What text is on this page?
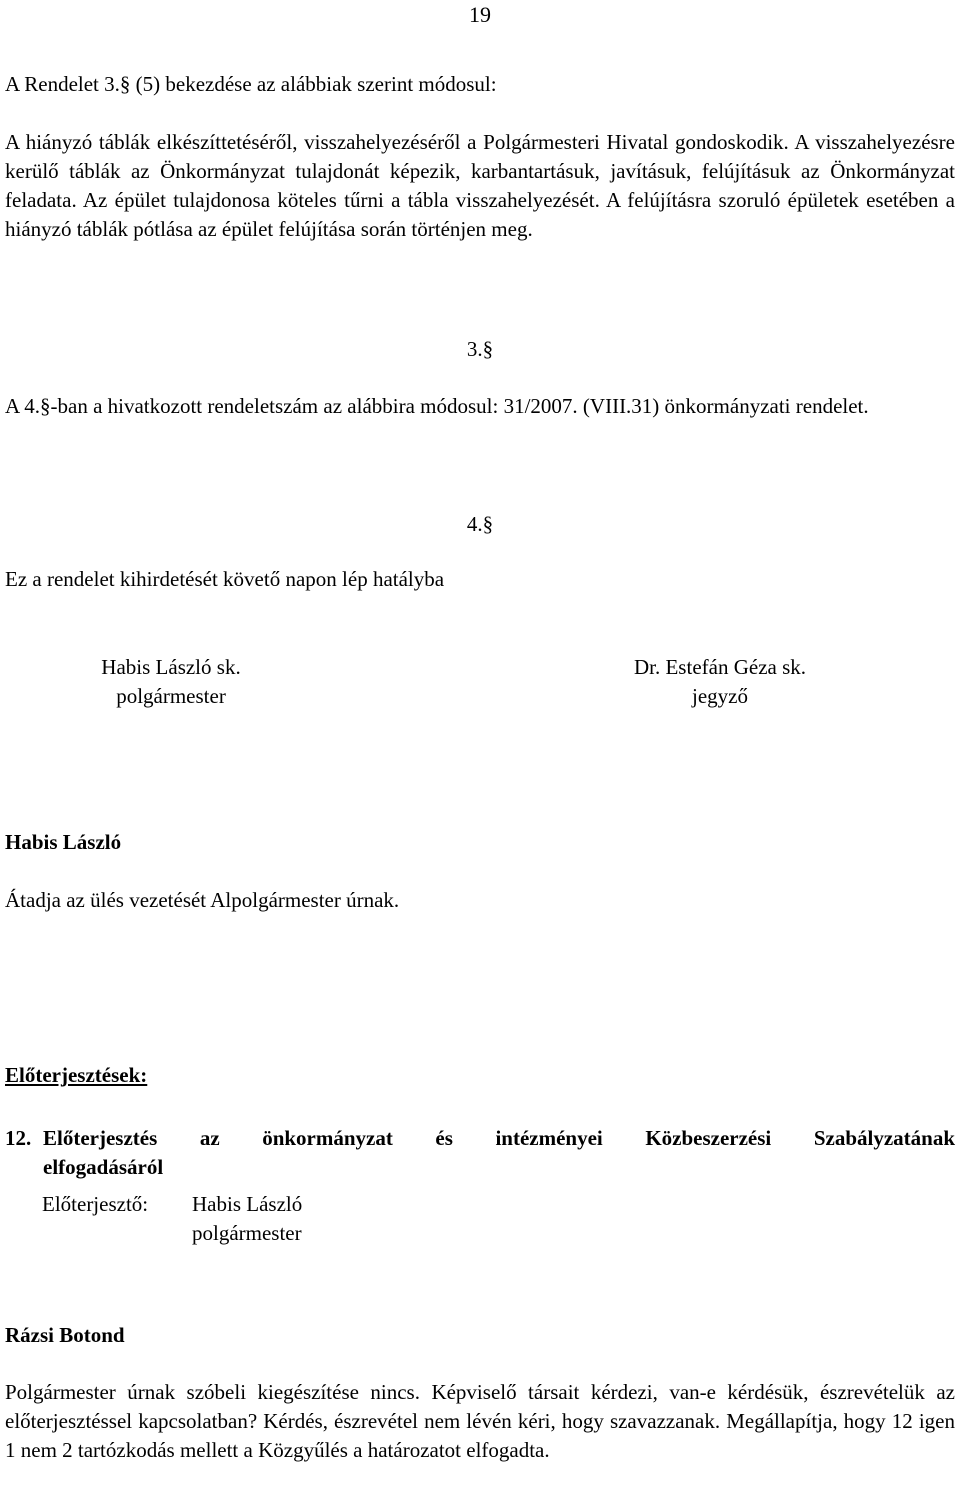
19
A Rendelet 3.§ (5) bekezdése az alábbiak szerint módosul:
A hiányzó táblák elkészíttetéséről, visszahelyezéséről a Polgármesteri Hivatal gondoskodik. A visszahelyezésre kerülő táblák az Önkormányzat tulajdonát képezik, karbantartásuk, javításuk, felújításuk az Önkormányzat feladata. Az épület tulajdonosa köteles tűrni a tábla visszahelyezését. A felújításra szoruló épületek esetében a hiányzó táblák pótlása az épület felújítása során történjen meg.
3.§
A 4.§-ban a hivatkozott rendeletszám az alábbira módosul: 31/2007. (VIII.31) önkormányzati rendelet.
4.§
Ez a rendelet kihirdetését követő napon lép hatályba
Habis László sk.
polgármester
Dr. Estefán Géza sk.
jegyző
Habis László
Átadja az ülés vezetését Alpolgármester úrnak.
Előterjesztések:
12. Előterjesztés az önkormányzat és intézményei Közbeszerzési Szabályzatának
elfogadásáról
Előterjesztő: Habis László
polgármester
Rázsi Botond
Polgármester úrnak szóbeli kiegészítése nincs. Képviselő társait kérdezi, van-e kérdésük, észrevételük az előterjesztéssel kapcsolatban? Kérdés, észrevétel nem lévén kéri, hogy szavazzanak. Megállapítja, hogy 12 igen 1 nem 2 tartózkodás mellett a Közgyűlés a határozatot elfogadta.
